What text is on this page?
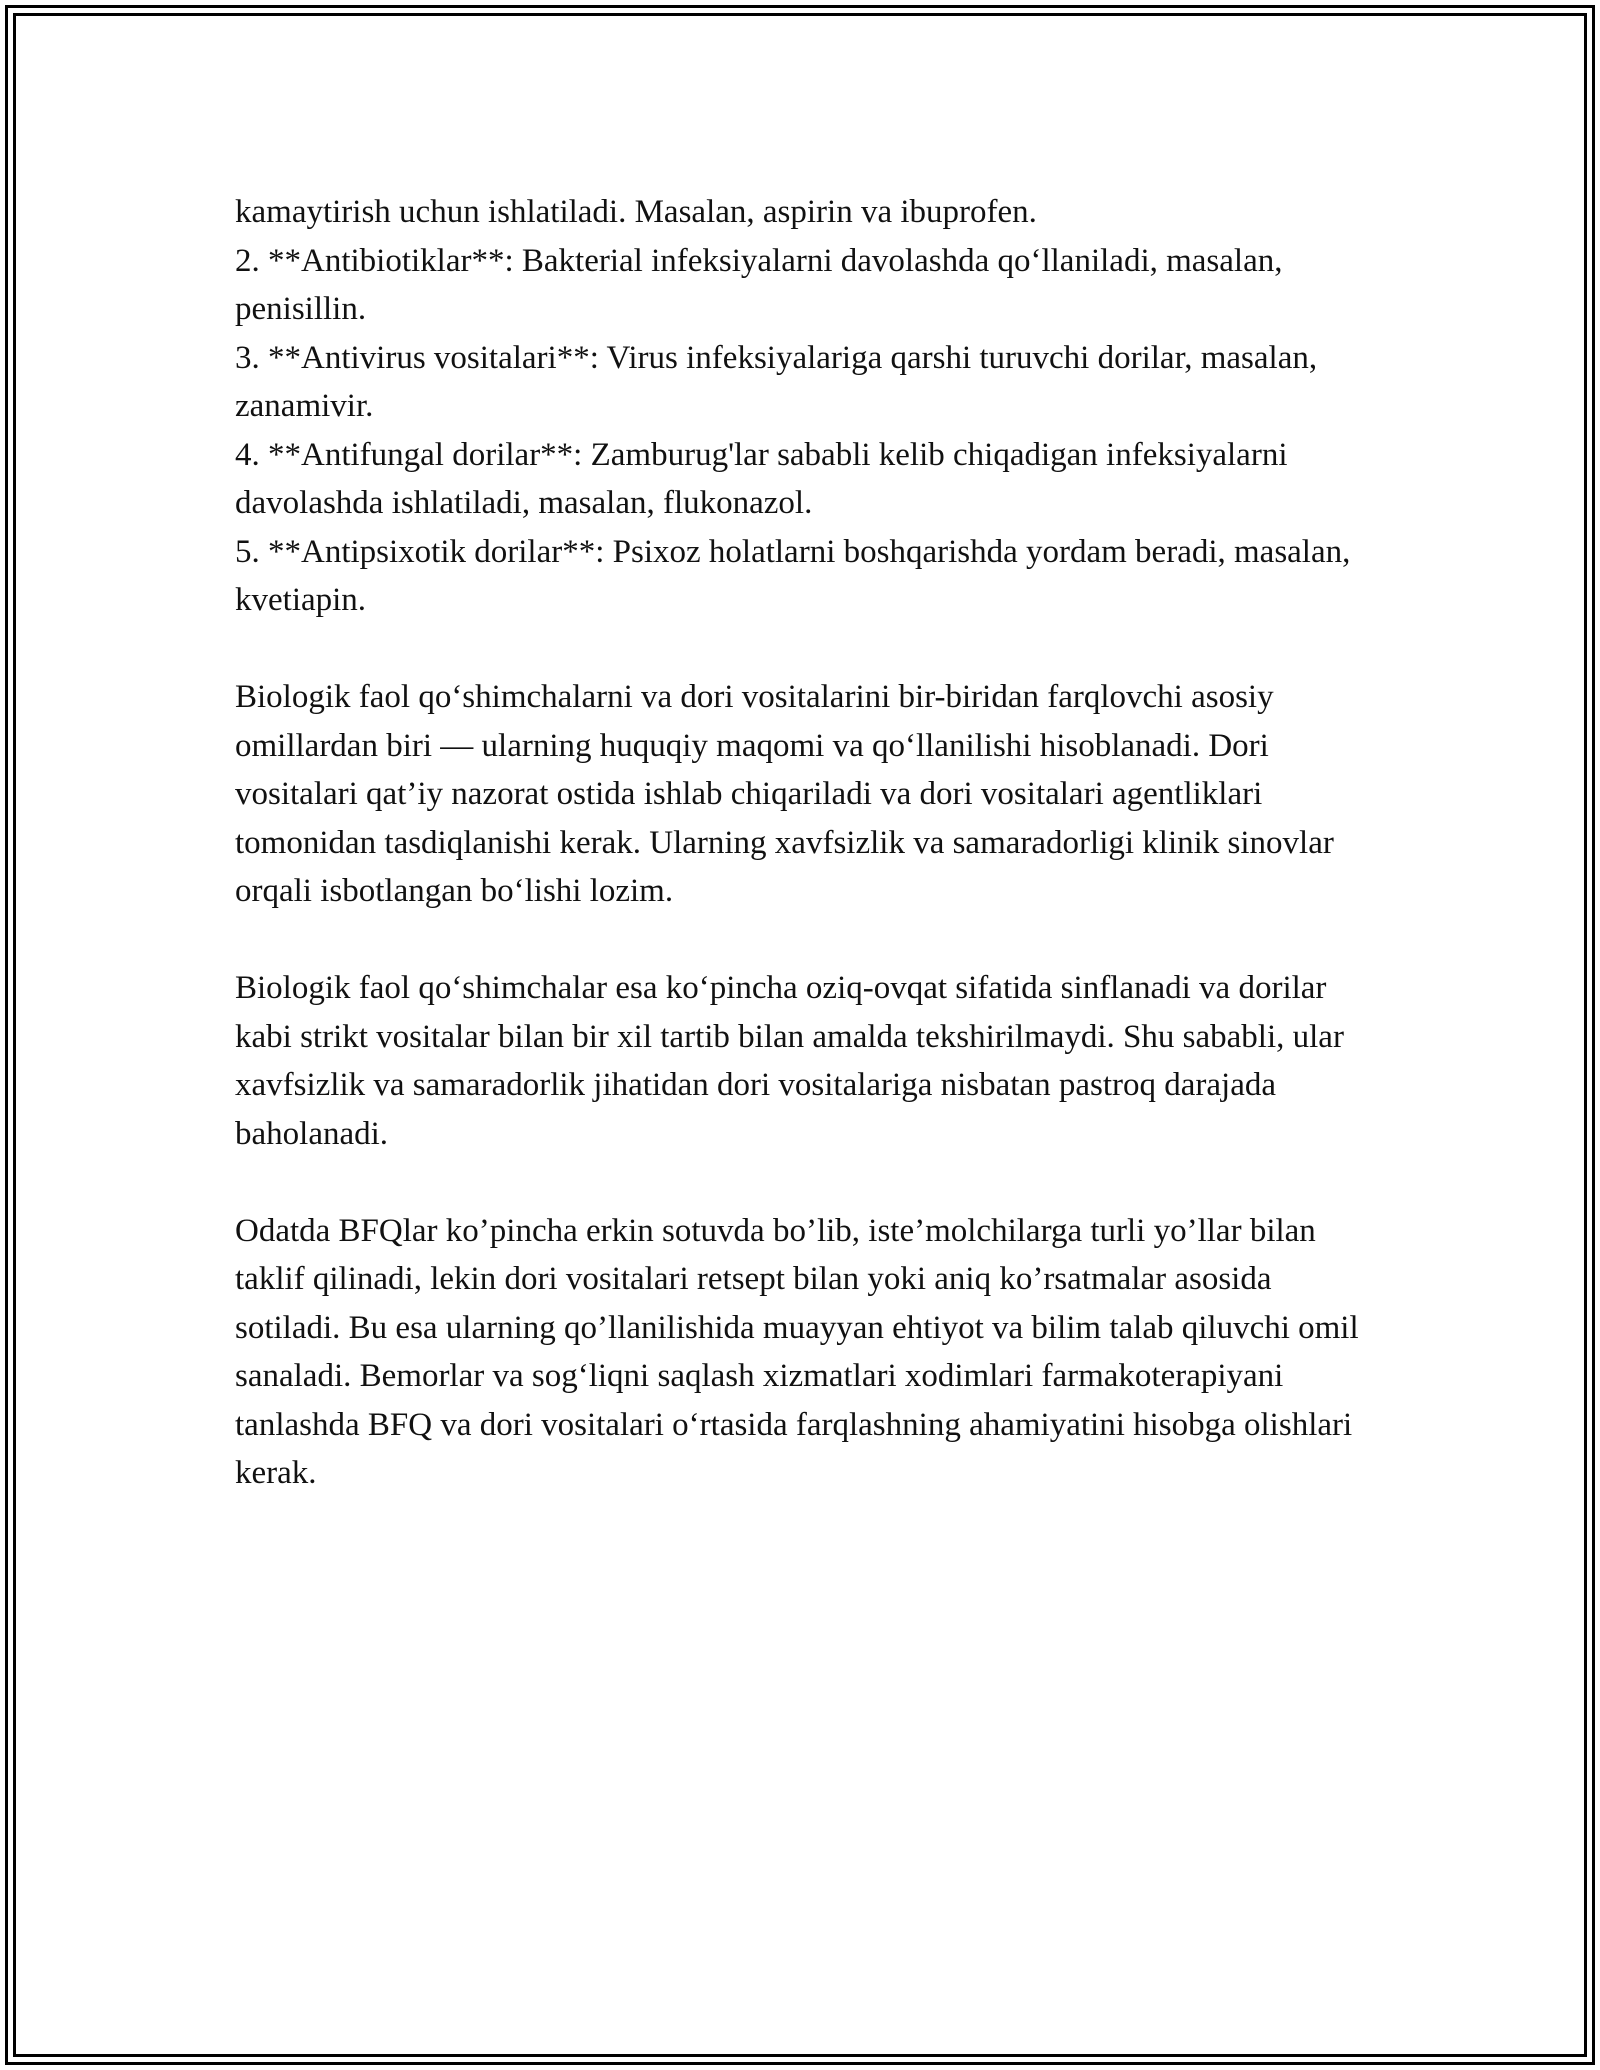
kamaytirish uchun ishlatiladi. Masalan, aspirin va ibuprofen.

2. **Antibiotiklar**: Bakterial infeksiyalarni davolashda qo‘llaniladi, masalan, penisillin.

3. **Antivirus vositalari**: Virus infeksiyalariga qarshi turuvchi dorilar, masalan, zanamivir.

4. **Antifungal dorilar**: Zamburug'lar sababli kelib chiqadigan infeksiyalarni davolashda ishlatiladi, masalan, flukonazol.

5. **Antipsixotik dorilar**: Psixoz holatlarni boshqarishda yordam beradi, masalan, kvetiapin.

Biologik faol qo‘shimchalarni va dori vositalarini bir-biridan farqlovchi asosiy omillardan biri — ularning huquqiy maqomi va qo‘llanilishi hisoblanadi. Dori vositalari qat’iy nazorat ostida ishlab chiqariladi va dori vositalari agentliklari tomonidan tasdiqlanishi kerak. Ularning xavfsizlik va samaradorligi klinik sinovlar orqali isbotlangan bo‘lishi lozim.

Biologik faol qo‘shimchalar esa ko‘pincha oziq-ovqat sifatida sinflanadi va dorilar kabi strikt vositalar bilan bir xil tartib bilan amalda tekshirilmaydi. Shu sababli, ular xavfsizlik va samaradorlik jihatidan dori vositalariga nisbatan pastroq darajada baholanadi.

Odatda BFQlar ko’pincha erkin sotuvda bo’lib, iste’molchilarga turli yo’llar bilan taklif qilinadi, lekin dori vositalari retsept bilan yoki aniq ko’rsatmalar asosida sotiladi. Bu esa ularning qo’llanilishida muayyan ehtiyot va bilim talab qiluvchi omil sanaladi. Bemorlar va sog‘liqni saqlash xizmatlari xodimlari farmakoterapiyani tanlashda BFQ va dori vositalari o‘rtasida farqlashning ahamiyatini hisobga olishlari kerak.
